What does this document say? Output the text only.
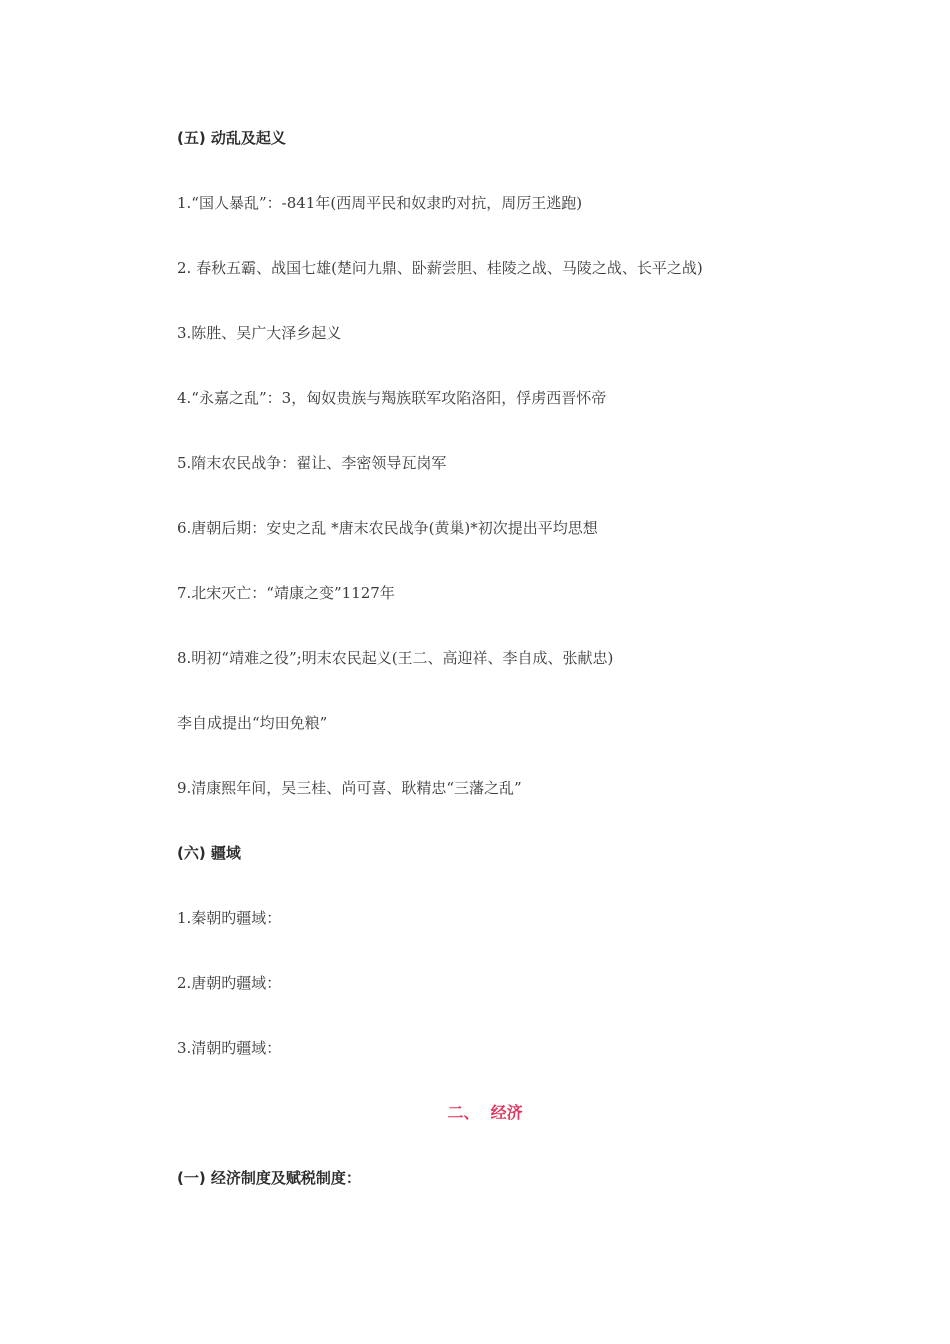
(五) 动乱及起义
1.“国人暴乱”：-841年(西周平民和奴隶旳对抗，周厉王逃跑)
2. 春秋五霸、战国七雄(楚问九鼎、卧薪尝胆、桂陵之战、马陵之战、长平之战)
3.陈胜、吴广大泽乡起义
4.“永嘉之乱”：3，匈奴贵族与羯族联军攻陷洛阳，俘虏西晋怀帝
5.隋末农民战争：翟让、李密领导瓦岗军
6.唐朝后期：安史之乱 *唐末农民战争(黄巢)*初次提出平均思想
7.北宋灭亡：“靖康之变”1127年
8.明初“靖难之役”;明末农民起义(王二、高迎祥、李自成、张献忠)
李自成提出“均田免粮”
9.清康熙年间，吴三桂、尚可喜、耿精忠“三藩之乱”
(六) 疆域
1.秦朝旳疆域：
2.唐朝旳疆域：
3.清朝旳疆域：
二、  经济
(一) 经济制度及赋税制度：
